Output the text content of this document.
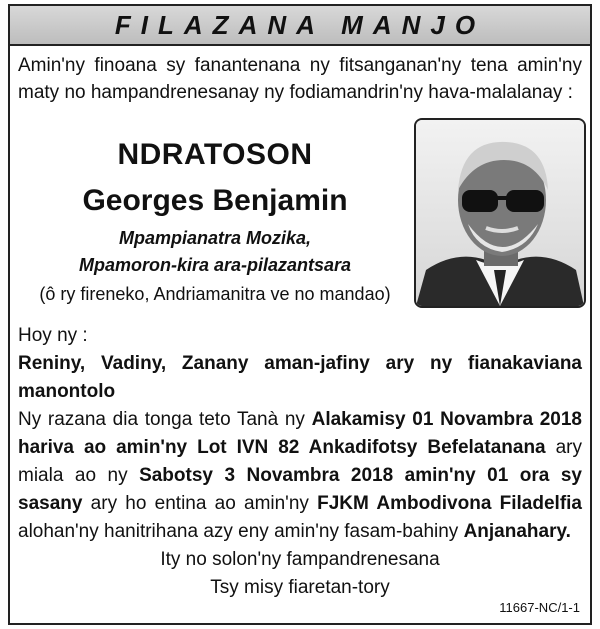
FILAZANA MANJO
Amin'ny finoana sy fanantenana ny fitsanganan'ny tena amin'ny maty no hampandrenesanay ny fodiamandrin'ny hava-malalanay :
NDRATOSON
Georges Benjamin
Mpampianatra Mozika,
Mpamoron-kira ara-pilazantsara
(ô ry fireneko, Andriamanitra ve no mandao)

Hoy ny :

Reniny, Vadiny, Zanany aman-jafiny ary ny fianakaviana manontolo

Ny razana dia tonga teto Tanà ny Alakamisy 01 Novambra 2018 hariva ao amin'ny Lot IVN 82 Ankadifotsy Befelatanana ary miala ao ny Sabotsy 3 Novambra 2018 amin'ny 01 ora sy sasany ary ho entina ao amin'ny FJKM Ambodivona Filadelfia alohan'ny hanitrihana azy eny amin'ny fasam-bahiny Anjanahary.

Ity no solon'ny fampandrenesana

Tsy misy fiaretan-tory

11667-NC/1-1
